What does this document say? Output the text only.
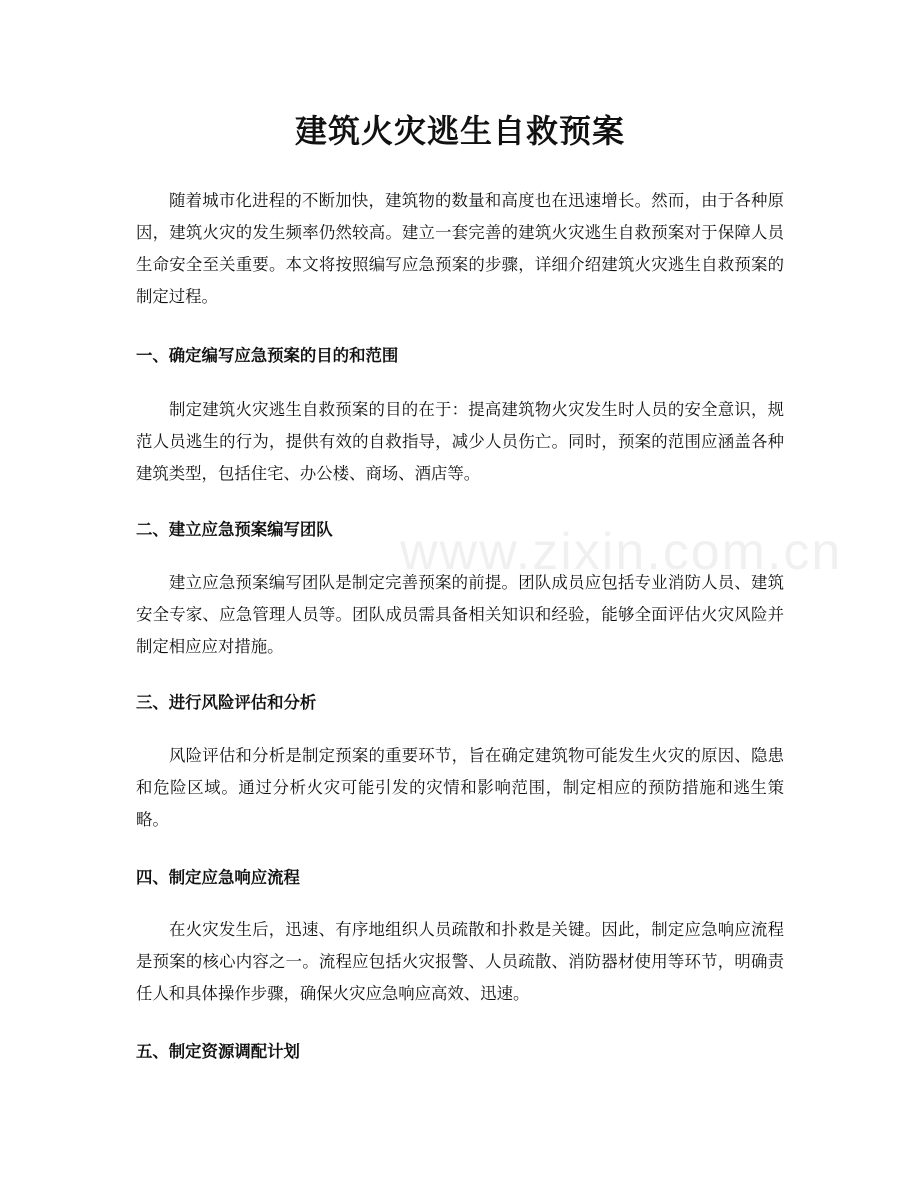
建筑火灾逃生自救预案

随着城市化进程的不断加快，建筑物的数量和高度也在迅速增长。然而，由于各种原因，建筑火灾的发生频率仍然较高。建立一套完善的建筑火灾逃生自救预案对于保障人员生命安全至关重要。本文将按照编写应急预案的步骤，详细介绍建筑火灾逃生自救预案的制定过程。

一、确定编写应急预案的目的和范围

制定建筑火灾逃生自救预案的目的在于：提高建筑物火灾发生时人员的安全意识，规范人员逃生的行为，提供有效的自救指导，减少人员伤亡。同时，预案的范围应涵盖各种建筑类型，包括住宅、办公楼、商场、酒店等。

二、建立应急预案编写团队

建立应急预案编写团队是制定完善预案的前提。团队成员应包括专业消防人员、建筑安全专家、应急管理人员等。团队成员需具备相关知识和经验，能够全面评估火灾风险并制定相应应对措施。

三、进行风险评估和分析

风险评估和分析是制定预案的重要环节，旨在确定建筑物可能发生火灾的原因、隐患和危险区域。通过分析火灾可能引发的灾情和影响范围，制定相应的预防措施和逃生策略。

四、制定应急响应流程

在火灾发生后，迅速、有序地组织人员疏散和扑救是关键。因此，制定应急响应流程是预案的核心内容之一。流程应包括火灾报警、人员疏散、消防器材使用等环节，明确责任人和具体操作步骤，确保火灾应急响应高效、迅速。

五、制定资源调配计划
www.zixin.com.cn
